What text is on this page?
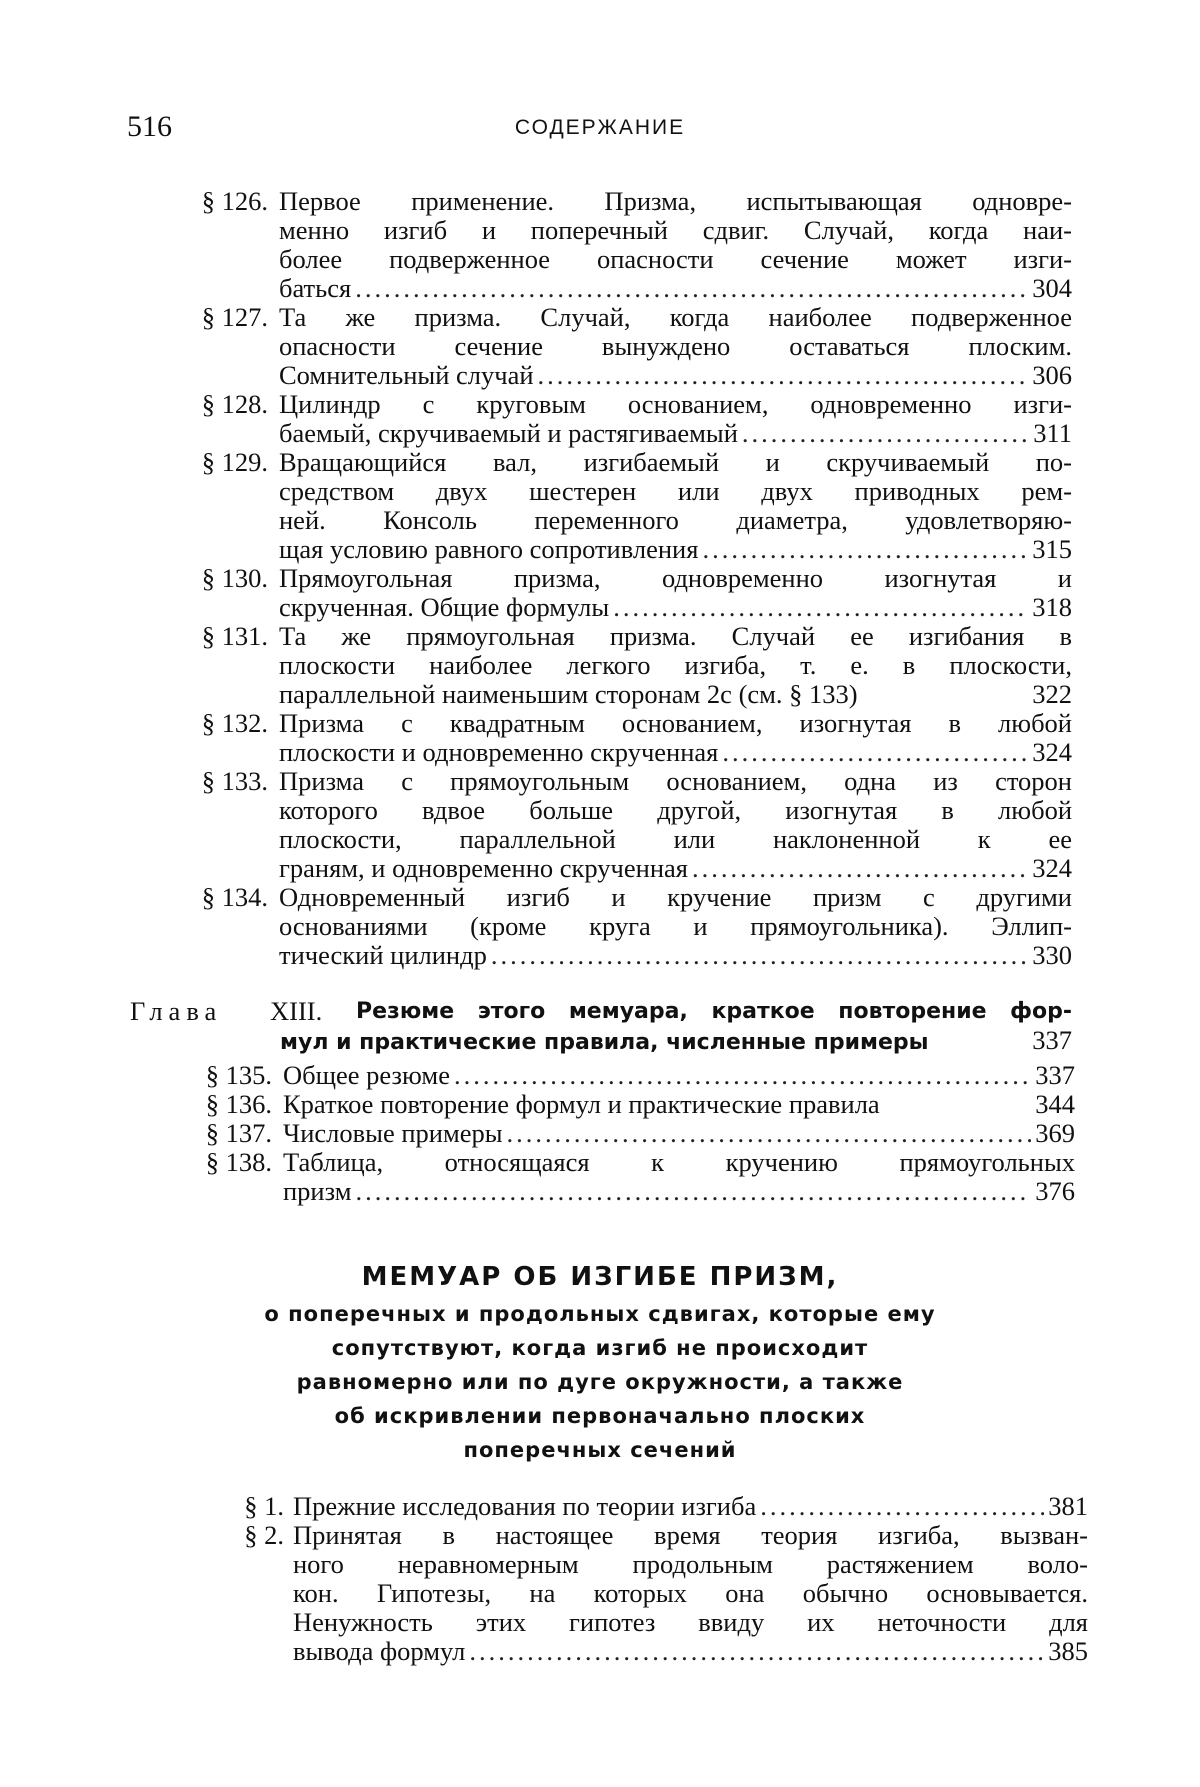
516	СОДЕРЖАНИЕ
§ 126. Первое применение. Призма, испытывающая одновре-
менно изгиб и поперечный сдвиг. Случай, когда наи-
более подверженное опасности сечение может изги-
баться .....	304
§ 127. Та же призма. Случай, когда наиболее подверженное
опасности сечение вынуждено оставаться плоским.
Сомнительный случай .....	306
§ 128. Цилиндр с круговым основанием, одновременно изги-
баемый, скручиваемый и растягиваемый .....	311
§ 129. Вращающийся вал, изгибаемый и скручиваемый по-
средством двух шестерен или двух приводных рем-
ней. Консоль переменного диаметра, удовлетворяю-
щая условию равного сопротивления .....	315
§ 130. Прямоугольная призма, одновременно изогнутая и
скрученная. Общие формулы .....	318
§ 131. Та же прямоугольная призма. Случай ее изгибания в
плоскости наиболее легкого изгиба, т. е. в плоскости,
параллельной наименьшим сторонам 2c (см. § 133)	322
§ 132. Призма с квадратным основанием, изогнутая в любой
плоскости и одновременно скрученная .....	324
§ 133. Призма с прямоугольным основанием, одна из сторон
которого вдвое больше другой, изогнутая в любой
плоскости, параллельной или наклоненной к ее
граням, и одновременно скрученная .....	324
§ 134. Одновременный изгиб и кручение призм с другими
основаниями (кроме круга и прямоугольника). Эллип-
тический цилиндр .....	330
Глава	XIII.	Резюме этого мемуара, краткое повторение фор-
мул и практические правила, численные примеры	337
§ 135. Общее резюме .....	337
§ 136. Краткое повторение формул и практические правила	344
§ 137. Числовые примеры .....	369
§ 138. Таблица, относящаяся к кручению прямоугольных
призм .....	376
§ 1. Прежние исследования по теории изгиба .....	381
§ 2. Принятая в настоящее время теория изгиба, вызван-
ного неравномерным продольным растяжением воло-
кон. Гипотезы, на которых она обычно основывается.
Ненужность этих гипотез ввиду их неточности для
вывода формул .....	385
МЕМУАР ОБ ИЗГИБЕ ПРИЗМ,
о поперечных и продольных сдвигах, которые ему
сопутствуют, когда изгиб не происходит
равномерно или по дуге окружности, а также
об искривлении первоначально плоских
поперечных сечений
